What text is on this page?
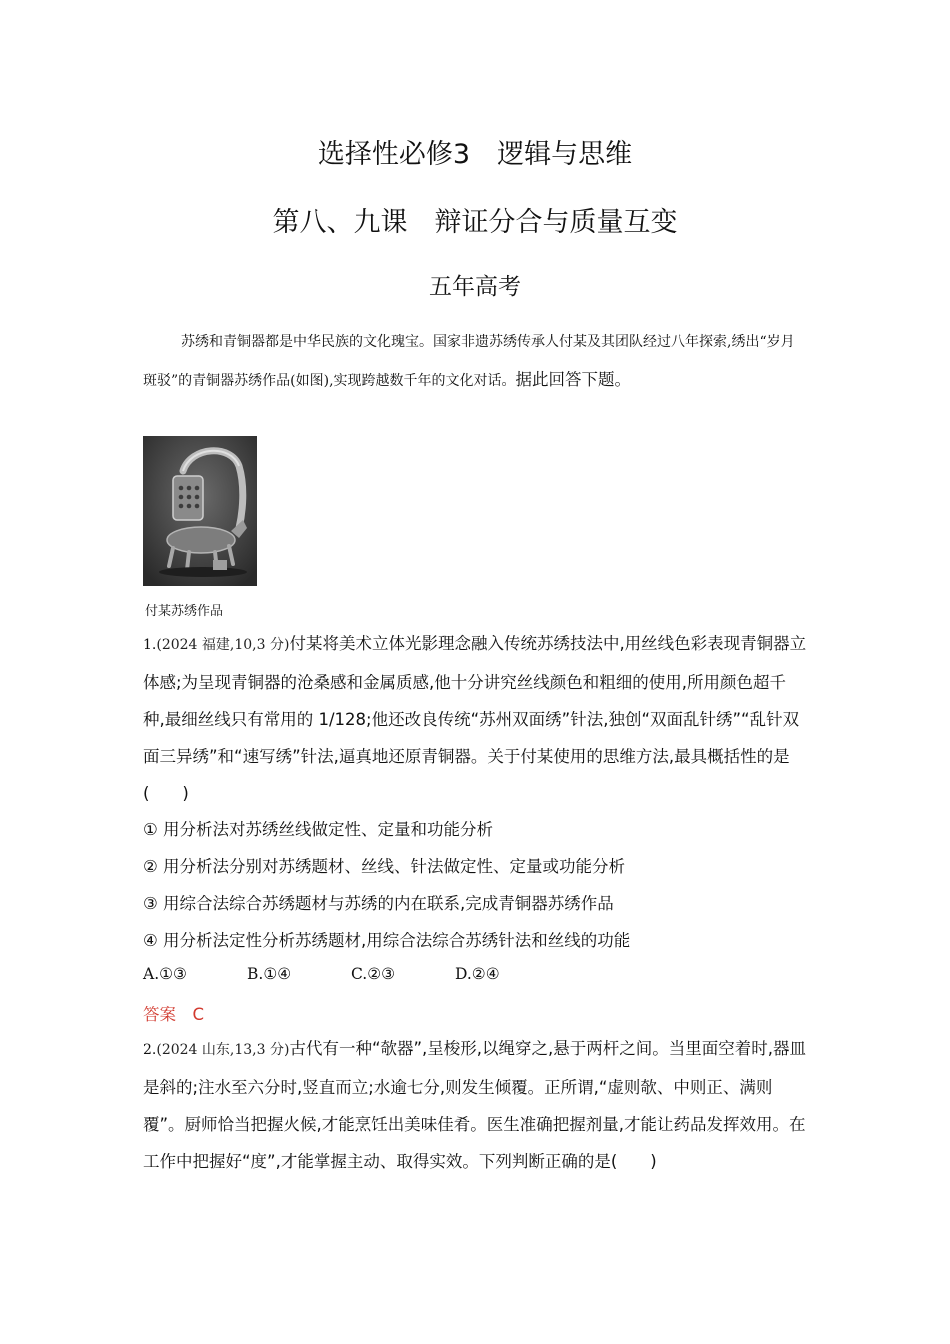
选择性必修3　逻辑与思维
第八、九课　辩证分合与质量互变
五年高考
苏绣和青铜器都是中华民族的文化瑰宝。国家非遗苏绣传承人付某及其团队经过八年探索,绣出“岁月斑驳”的青铜器苏绣作品(如图),实现跨越数千年的文化对话。据此回答下题。
付某苏绣作品
1.(2024 福建,10,3 分)付某将美术立体光影理念融入传统苏绣技法中,用丝线色彩表现青铜器立体感;为呈现青铜器的沧桑感和金属质感,他十分讲究丝线颜色和粗细的使用,所用颜色超千种,最细丝线只有常用的 1/128;他还改良传统“苏州双面绣”针法,独创“双面乱针绣”“乱针双面三异绣”和“速写绣”针法,逼真地还原青铜器。关于付某使用的思维方法,最具概括性的是(　　)
① 用分析法对苏绣丝线做定性、定量和功能分析
② 用分析法分别对苏绣题材、丝线、针法做定性、定量或功能分析
③ 用综合法综合苏绣题材与苏绣的内在联系,完成青铜器苏绣作品
④ 用分析法定性分析苏绣题材,用综合法综合苏绣针法和丝线的功能
A.①③	B.①④	C.②③	D.②④
答案　C
2.(2024 山东,13,3 分)古代有一种“欹器”,呈梭形,以绳穿之,悬于两杆之间。当里面空着时,器皿是斜的;注水至六分时,竖直而立;水逾七分,则发生倾覆。正所谓,“虚则欹、中则正、满则覆”。厨师恰当把握火候,才能烹饪出美味佳肴。医生准确把握剂量,才能让药品发挥效用。在工作中把握好“度”,才能掌握主动、取得实效。下列判断正确的是(　　)
